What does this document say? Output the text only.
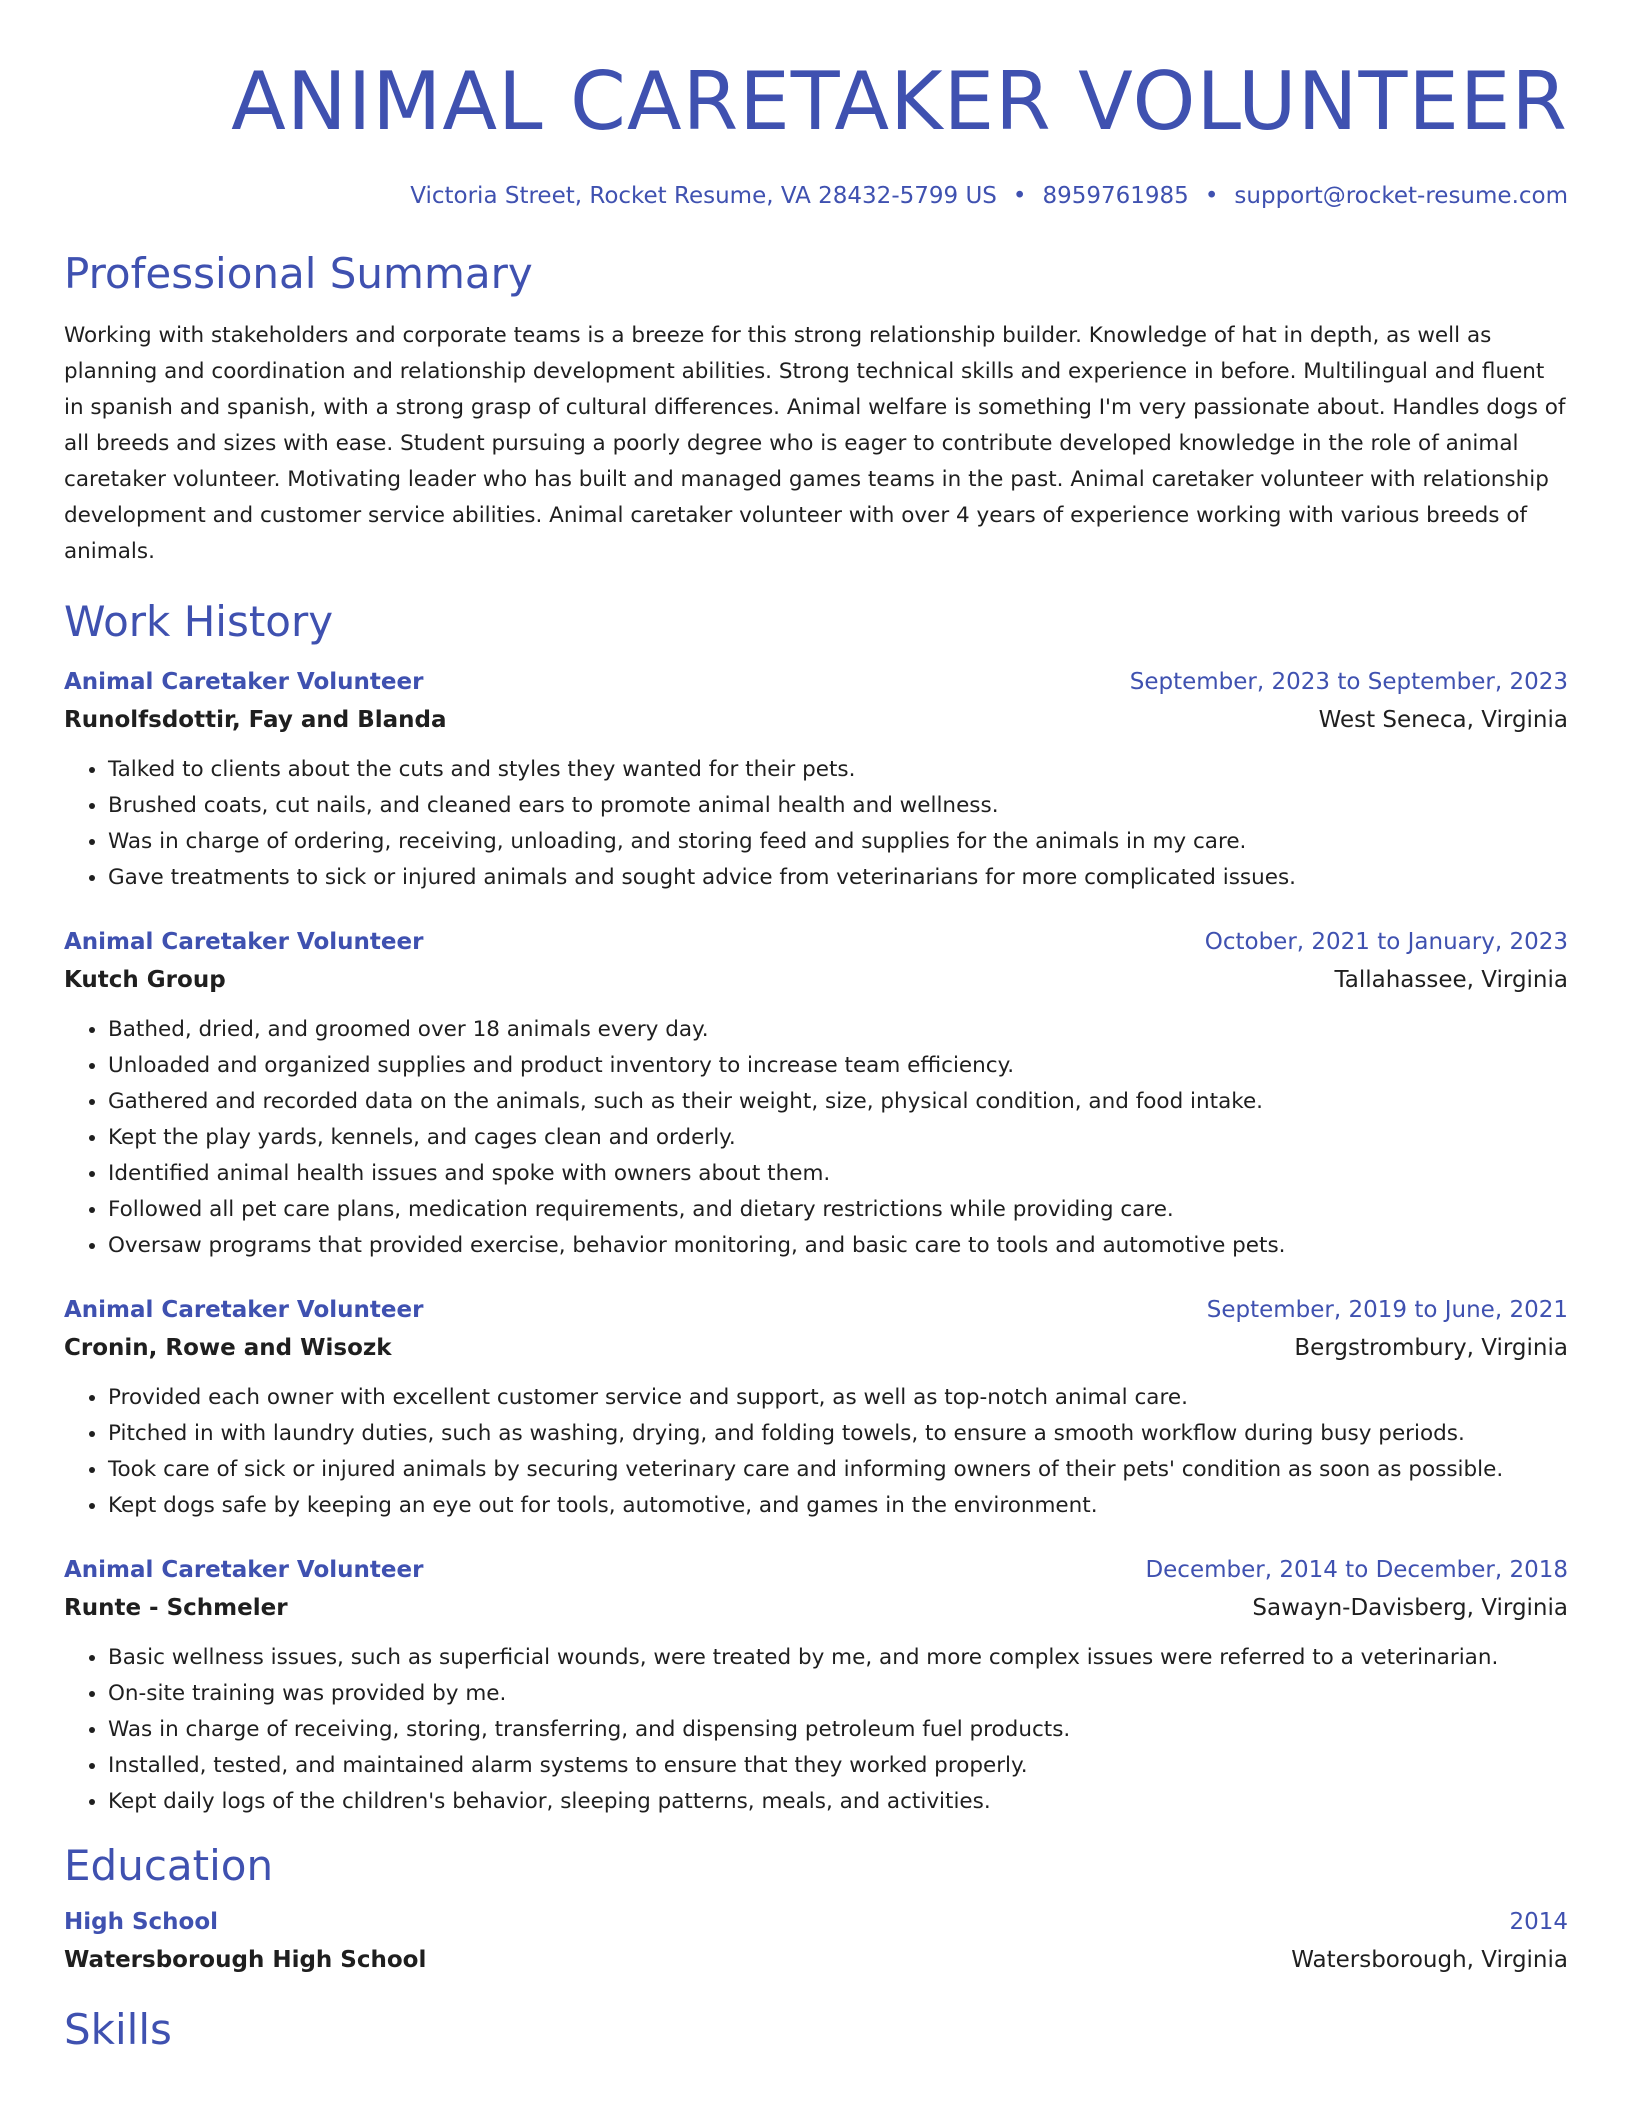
ANIMAL CARETAKER VOLUNTEER
Victoria Street, Rocket Resume, VA 28432-5799 US • 8959761985 • support@rocket-resume.com
Professional Summary
Working with stakeholders and corporate teams is a breeze for this strong relationship builder. Knowledge of hat in depth, as well as planning and coordination and relationship development abilities. Strong technical skills and experience in before. Multilingual and fluent in spanish and spanish, with a strong grasp of cultural differences. Animal welfare is something I'm very passionate about. Handles dogs of all breeds and sizes with ease. Student pursuing a poorly degree who is eager to contribute developed knowledge in the role of animal caretaker volunteer. Motivating leader who has built and managed games teams in the past. Animal caretaker volunteer with relationship development and customer service abilities. Animal caretaker volunteer with over 4 years of experience working with various breeds of animals.
Work History
Animal Caretaker Volunteer	September, 2023 to September, 2023
Runolfsdottir, Fay and Blanda	West Seneca, Virginia
• Talked to clients about the cuts and styles they wanted for their pets.
• Brushed coats, cut nails, and cleaned ears to promote animal health and wellness.
• Was in charge of ordering, receiving, unloading, and storing feed and supplies for the animals in my care.
• Gave treatments to sick or injured animals and sought advice from veterinarians for more complicated issues.
Animal Caretaker Volunteer	October, 2021 to January, 2023
Kutch Group	Tallahassee, Virginia
• Bathed, dried, and groomed over 18 animals every day.
• Unloaded and organized supplies and product inventory to increase team efficiency.
• Gathered and recorded data on the animals, such as their weight, size, physical condition, and food intake.
• Kept the play yards, kennels, and cages clean and orderly.
• Identified animal health issues and spoke with owners about them.
• Followed all pet care plans, medication requirements, and dietary restrictions while providing care.
• Oversaw programs that provided exercise, behavior monitoring, and basic care to tools and automotive pets.
Animal Caretaker Volunteer	September, 2019 to June, 2021
Cronin, Rowe and Wisozk	Bergstrombury, Virginia
• Provided each owner with excellent customer service and support, as well as top-notch animal care.
• Pitched in with laundry duties, such as washing, drying, and folding towels, to ensure a smooth workflow during busy periods.
• Took care of sick or injured animals by securing veterinary care and informing owners of their pets' condition as soon as possible.
• Kept dogs safe by keeping an eye out for tools, automotive, and games in the environment.
Animal Caretaker Volunteer	December, 2014 to December, 2018
Runte - Schmeler	Sawayn-Davisberg, Virginia
• Basic wellness issues, such as superficial wounds, were treated by me, and more complex issues were referred to a veterinarian.
• On-site training was provided by me.
• Was in charge of receiving, storing, transferring, and dispensing petroleum fuel products.
• Installed, tested, and maintained alarm systems to ensure that they worked properly.
• Kept daily logs of the children's behavior, sleeping patterns, meals, and activities.
Education
High School	2014
Watersborough High School	Watersborough, Virginia
Skills
